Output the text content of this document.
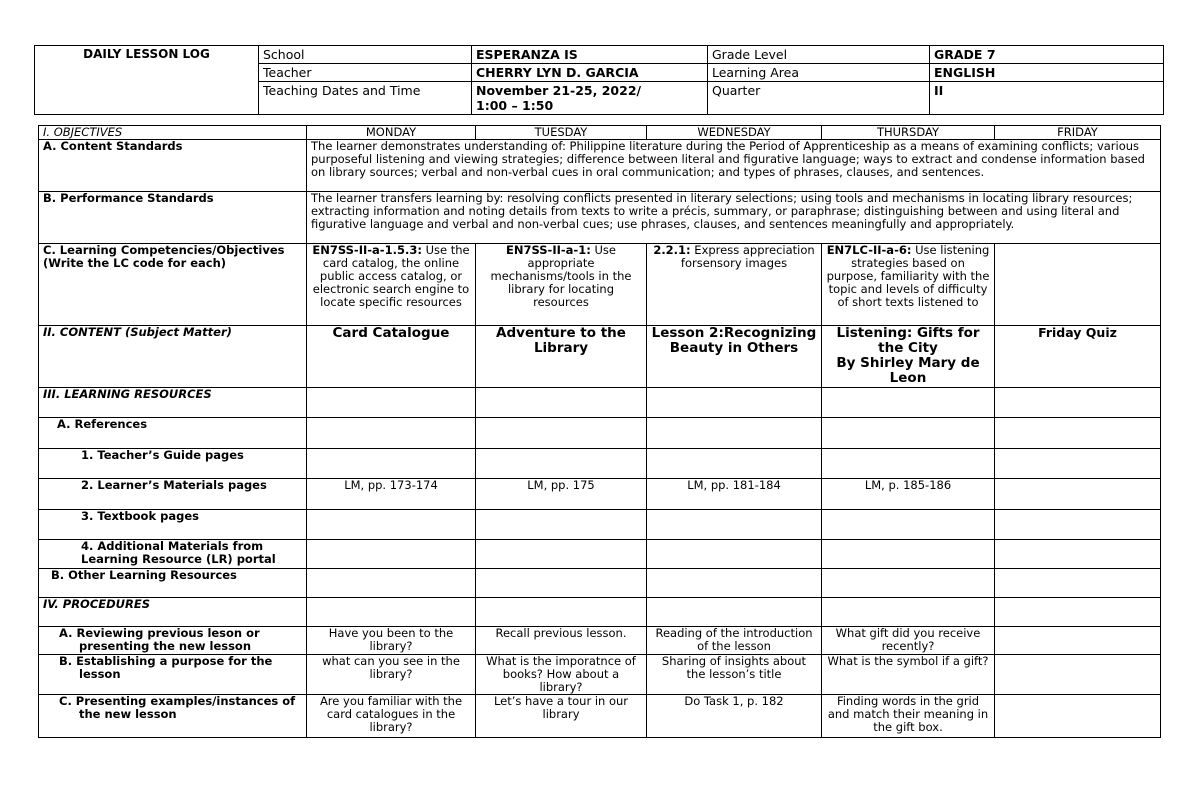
DAILY LESSON LOG	School	ESPERANZA IS	Grade Level	GRADE 7
	Teacher	CHERRY LYN D. GARCIA	Learning Area	ENGLISH
	Teaching Dates and Time	November 21-25, 2022/
1:00 – 1:50	Quarter	II
I. OBJECTIVES	MONDAY	TUESDAY	WEDNESDAY	THURSDAY	FRIDAY
A. Content Standards	The learner demonstrates understanding of: Philippine literature during the Period of Apprenticeship as a means of examining conflicts; various purposeful listening and viewing strategies; difference between literal and figurative language; ways to extract and condense information based on library sources; verbal and non-verbal cues in oral communication; and types of phrases, clauses, and sentences.				
B. Performance Standards	The learner transfers learning by: resolving conflicts presented in literary selections; using tools and mechanisms in locating library resources; extracting information and noting details from texts to write a précis, summary, or paraphrase; distinguishing between and using literal and figurative language and verbal and non-verbal cues; use phrases, clauses, and sentences meaningfully and appropriately.				
C. Learning Competencies/Objectives (Write the LC code for each)	EN7SS-II-a-1.5.3: Use the card catalog, the online public access catalog, or electronic search engine to locate specific resources	EN7SS-II-a-1: Use appropriate mechanisms/tools in the library for locating resources	2.2.1: Express appreciation forsensory images	EN7LC-II-a-6: Use listening strategies based on purpose, familiarity with the topic and levels of difficulty of short texts listened to	
II. CONTENT (Subject Matter)	Card Catalogue	Adventure to the Library	Lesson 2:Recognizing Beauty in Others	Listening: Gifts for the City
By Shirley Mary de Leon	Friday Quiz
III. LEARNING RESOURCES					
A. References					
1. Teacher’s Guide pages					
2. Learner’s Materials pages	LM, pp. 173-174	LM, pp. 175	LM, pp. 181-184	LM, p. 185-186	
3. Textbook pages					
4. Additional Materials from Learning Resource (LR) portal					
B. Other Learning Resources					
IV. PROCEDURES					
A. Reviewing previous leson or presenting the new lesson	Have you been to the library?	Recall previous lesson.	Reading of the introduction of the lesson	What gift did you receive recently?	
B. Establishing a purpose for the lesson	what can you see in the library?	What is the imporatnce of books? How about a library?	Sharing of insights about the lesson’s title	What is the symbol if a gift?	
C. Presenting examples/instances of the new lesson	Are you familiar with the card catalogues in the library?	Let’s have a tour in our library	Do Task 1, p. 182	Finding words in the grid and match their meaning in the gift box.	
